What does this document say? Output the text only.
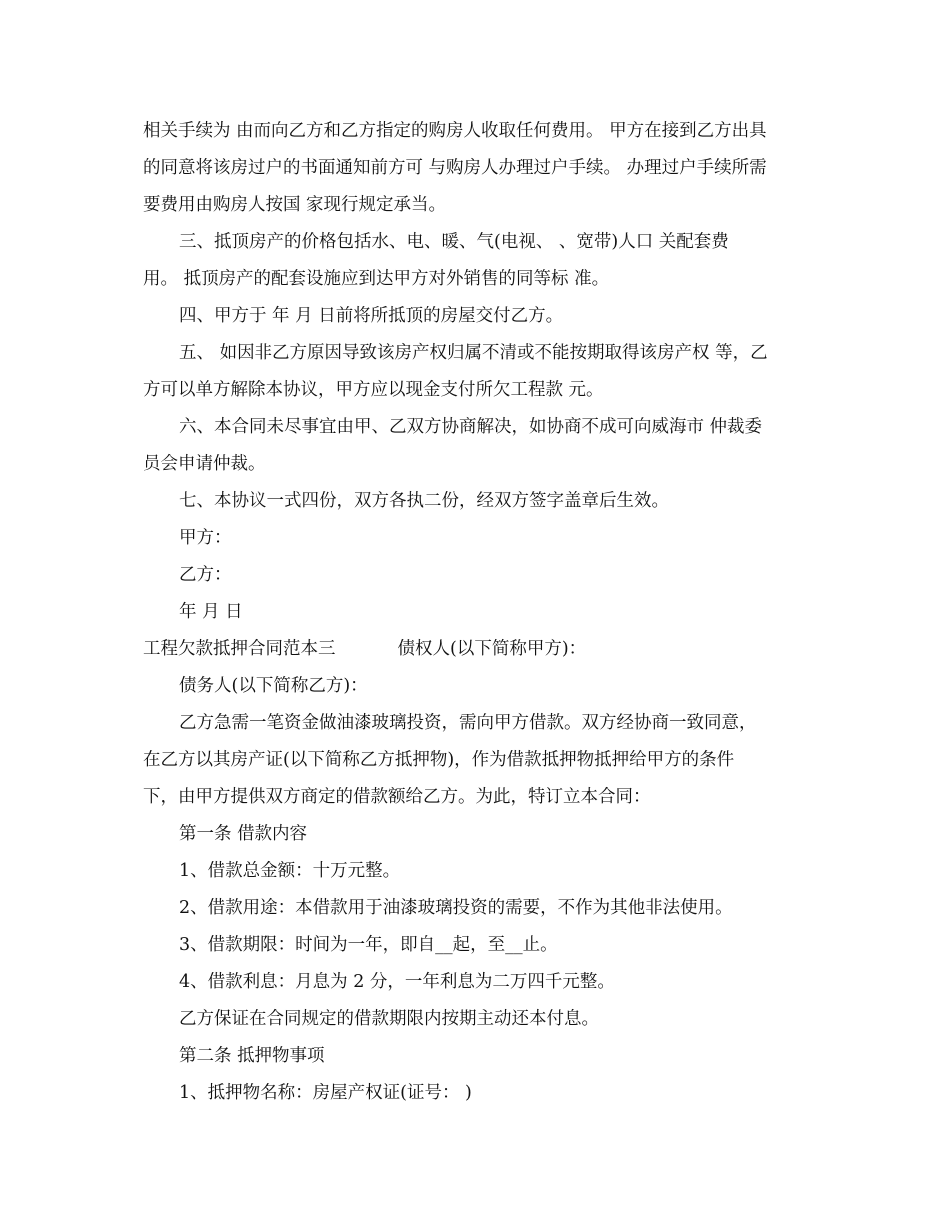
相关手续为 由而向乙方和乙方指定的购房人收取任何费用。 甲方在接到乙方出具
的同意将该房过户的书面通知前方可 与购房人办理过户手续。 办理过户手续所需
要费用由购房人按国 家现行规定承当。
三、抵顶房产的价格包括水、电、暖、气(电视、 、宽带)人口 关配套费
用。 抵顶房产的配套设施应到达甲方对外销售的同等标 准。
四、甲方于 年 月 日前将所抵顶的房屋交付乙方。
五、 如因非乙方原因导致该房产权归属不清或不能按期取得该房产权 等，乙
方可以单方解除本协议，甲方应以现金支付所欠工程款 元。
六、本合同未尽事宜由甲、乙双方协商解决，如协商不成可向威海市 仲裁委
员会申请仲裁。
七、本协议一式四份，双方各执二份，经双方签字盖章后生效。
甲方：
乙方：
年 月 日
工程欠款抵押合同范本三	债权人(以下简称甲方)：
债务人(以下简称乙方)：
乙方急需一笔资金做油漆玻璃投资，需向甲方借款。双方经协商一致同意，
在乙方以其房产证(以下简称乙方抵押物)，作为借款抵押物抵押给甲方的条件
下，由甲方提供双方商定的借款额给乙方。为此，特订立本合同：
第一条 借款内容
1、借款总金额：十万元整。
2、借款用途：本借款用于油漆玻璃投资的需要，不作为其他非法使用。
3、借款期限：时间为一年，即自__起，至__止。
4、借款利息：月息为 2 分，一年利息为二万四千元整。
乙方保证在合同规定的借款期限内按期主动还本付息。
第二条 抵押物事项
1、抵押物名称：房屋产权证(证号： )
